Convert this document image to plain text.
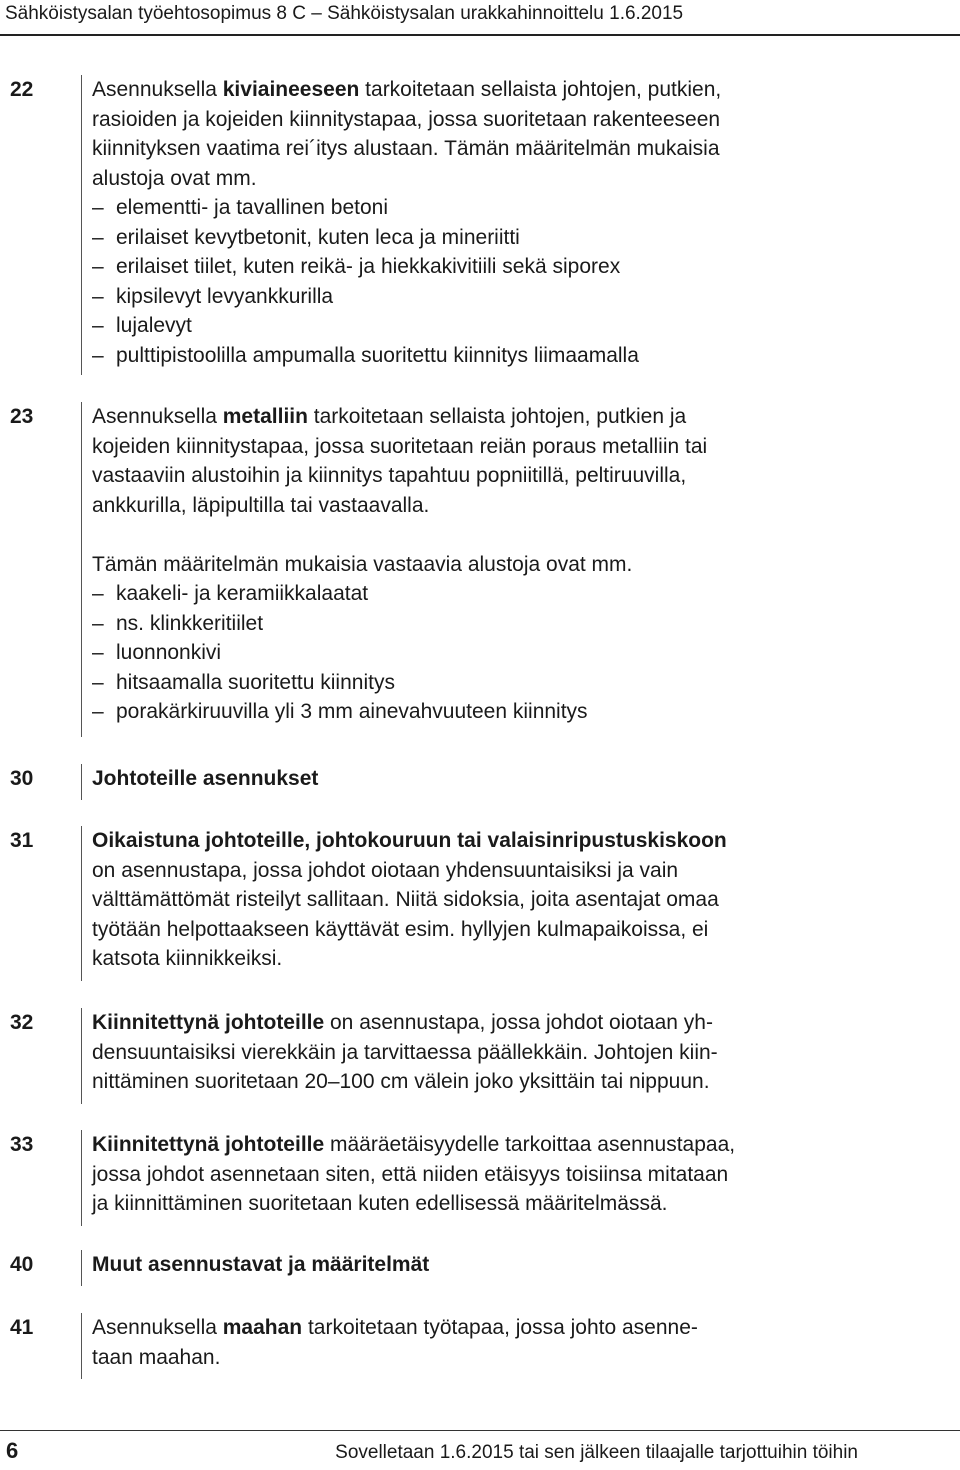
Sähköistysalan työehtosopimus 8 C – Sähköistysalan urakkahinnoittelu 1.6.2015
22	Asennuksella kiviaineeseen tarkoitetaan sellaista johtojen, putkien,

rasioiden ja kojeiden kiinnitystapaa, jossa suoritetaan rakenteeseen

kiinnityksen vaatima rei´itys alustaan. Tämän määritelmän mukaisia

alustoja ovat mm.

– elementti- ja tavallinen betoni
– erilaiset kevytbetonit, kuten leca ja mineriitti
– erilaiset tiilet, kuten reikä- ja hiekkakivitiili sekä siporex
– kipsilevyt levyankkurilla
– lujalevyt
– pulttipistoolilla ampumalla suoritettu kiinnitys liimaamalla
23	Asennuksella metalliin tarkoitetaan sellaista johtojen, putkien ja

kojeiden kiinnitystapaa, jossa suoritetaan reiän poraus metalliin tai

vastaaviin alustoihin ja kiinnitys tapahtuu popniitillä, peltiruuvilla,

ankkurilla, läpipultilla tai vastaavalla.

Tämän määritelmän mukaisia vastaavia alustoja ovat mm.

– kaakeli- ja keramiikkalaatat
– ns. klinkkeritiilet
– luonnonkivi
– hitsaamalla suoritettu kiinnitys
– porakärkiruuvilla yli 3 mm ainevahvuuteen kiinnitys
30	Johtoteille asennukset

31	Oikaistuna johtoteille, johtokouruun tai valaisinripustuskiskoon

on asennustapa, jossa johdot oiotaan yhdensuuntaisiksi ja vain

välttämättömät risteilyt sallitaan. Niitä sidoksia, joita asentajat omaa

työtään helpottaakseen käyttävät esim. hyllyjen kulmapaikoissa, ei

katsota kiinnikkeiksi.

32	Kiinnitettynä johtoteille on asennustapa, jossa johdot oiotaan yh-

densuuntaisiksi vierekkäin ja tarvittaessa päällekkäin. Johtojen kiin-

nittäminen suoritetaan 20–100 cm välein joko yksittäin tai nippuun.

33	Kiinnitettynä johtoteille määräetäisyydelle tarkoittaa asennustapaa,

jossa johdot asennetaan siten, että niiden etäisyys toisiinsa mitataan

ja kiinnittäminen suoritetaan kuten edellisessä määritelmässä.

40	Muut asennustavat ja määritelmät

41	Asennuksella maahan tarkoitetaan työtapaa, jossa johto asenne-

taan maahan.

6	Sovelletaan 1.6.2015 tai sen jälkeen tilaajalle tarjottuihin töihin
